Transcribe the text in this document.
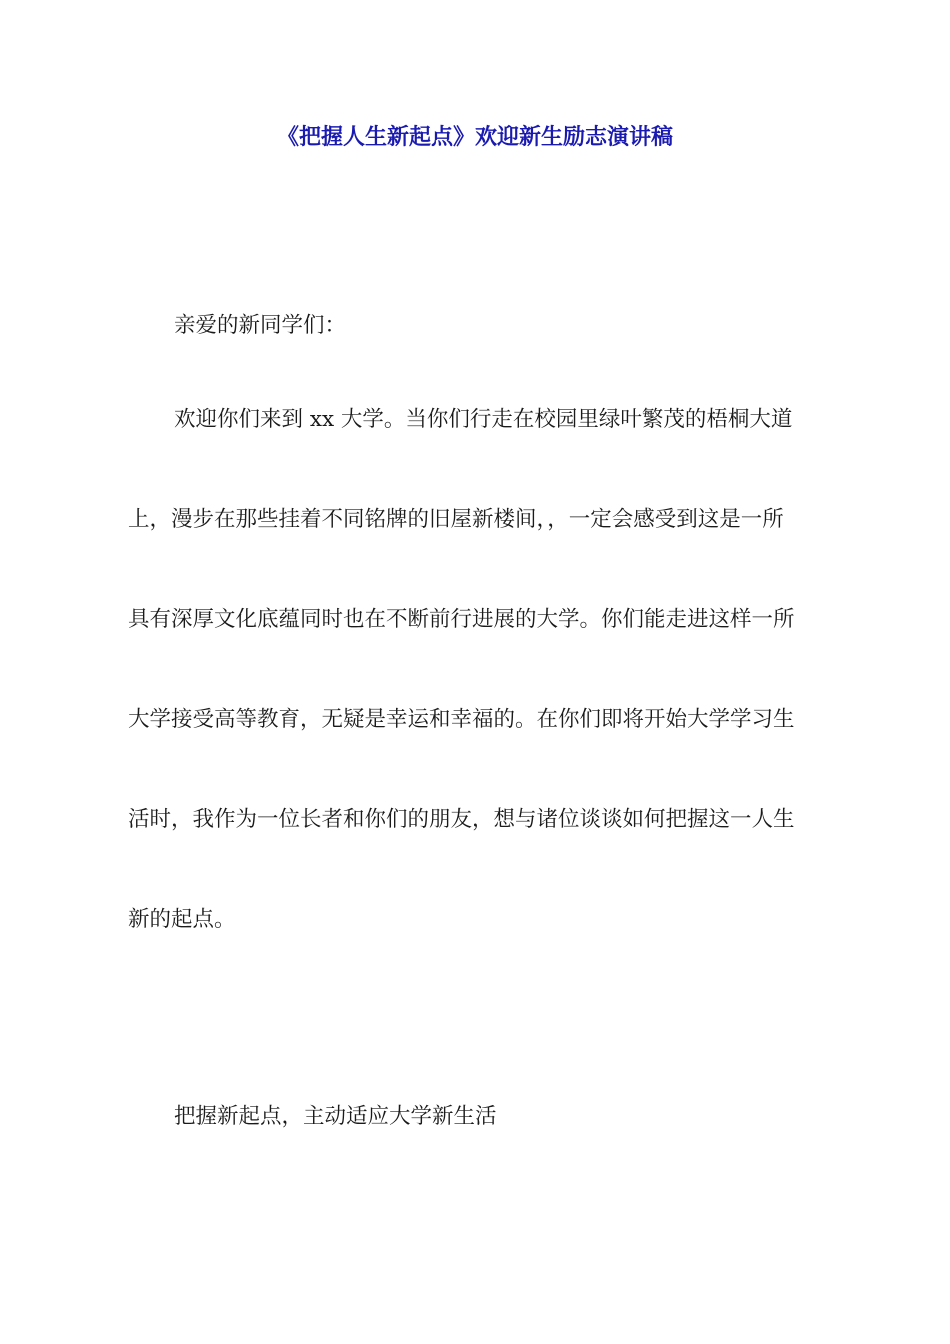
《把握人生新起点》欢迎新生励志演讲稿

亲爱的新同学们：

欢迎你们来到 xx 大学。当你们行走在校园里绿叶繁茂的梧桐大道
上，漫步在那些挂着不同铭牌的旧屋新楼间，，一定会感受到这是一所
具有深厚文化底蕴同时也在不断前行进展的大学。你们能走进这样一所
大学接受高等教育，无疑是幸运和幸福的。在你们即将开始大学学习生
活时，我作为一位长者和你们的朋友，想与诸位谈谈如何把握这一人生
新的起点。

把握新起点，主动适应大学新生活
